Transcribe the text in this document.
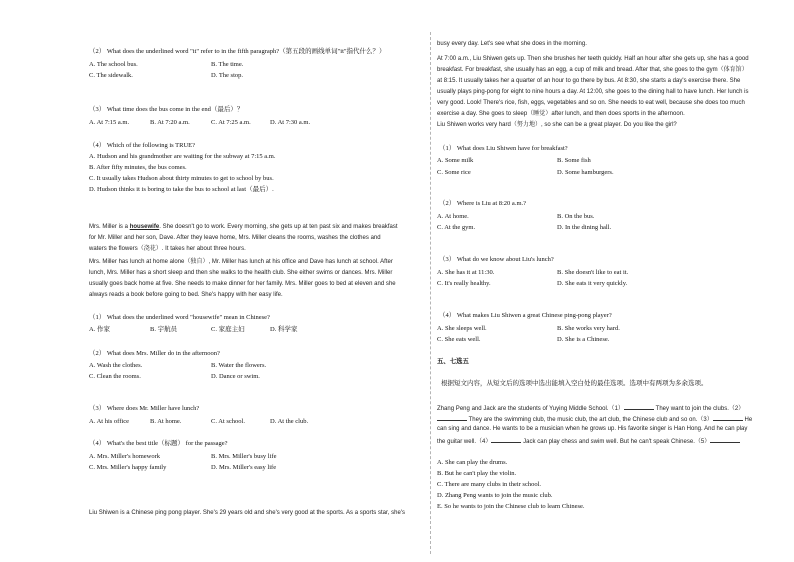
（2） What does the underlined word "it" refer to in the fifth paragraph?（第五段的画线单词"it"指代什么？）
A. The school bus.	B. The time.
C. The sidewalk.	D. The stop.
（3） What time does the bus come in the end（最后）？
A. At 7:15 a.m.	B. At 7:20 a.m.	C. At 7:25 a.m.	D. At 7:30 a.m.
（4） Which of the following is TRUE?
A. Hudson and his grandmother are waiting for the subway at 7:15 a.m.
B. After fifty minutes, the bus comes.
C. It usually takes Hudson about thirty minutes to get to school by bus.
D. Hudson thinks it is boring to take the bus to school at last（最后）.
Mrs. Miller is a housewife. She doesn't go to work. Every morning, she gets up at ten past six and makes breakfast
for Mr. Miller and her son, Dave. After they leave home, Mrs. Miller cleans the rooms, washes the clothes and
waters the flowers（浇花）. It takes her about three hours.
Mrs. Miller has lunch at home alone（独自）, Mr. Miller has lunch at his office and Dave has lunch at school. After
lunch, Mrs. Miller has a short sleep and then she walks to the health club. She either swims or dances. Mrs. Miller
usually goes back home at five. She needs to make dinner for her family. Mrs. Miller goes to bed at eleven and she
always reads a book before going to bed. She's happy with her easy life.
（1） What does the underlined word "housewife" mean in Chinese?
A. 作家	B. 宇航员	C. 家庭主妇	D. 科学家
（2） What does Mrs. Miller do in the afternoon?
A. Wash the clothes.	B. Water the flowers.
C. Clean the rooms.	D. Dance or swim.
（3） Where does Mr. Miller have lunch?
A. At his office	B. At home.	C. At school.	D. At the club.
（4） What's the best title（标题） for the passage?
A. Mrs. Miller's homework	B. Mrs. Miller's busy life
C. Mrs. Miller's happy family	D. Mrs. Miller's easy life
Liu Shiwen is a Chinese ping pong player. She's 29 years old and she's very good at the sports. As a sports star, she's
busy every day. Let's see what she does in the morning.
At 7:00 a.m., Liu Shiwen gets up. Then she brushes her teeth quickly. Half an hour after she gets up, she has a good
breakfast. For breakfast, she usually has an egg, a cup of milk and bread. After that, she goes to the gym（体育馆）
at 8:15. It usually takes her a quarter of an hour to go there by bus. At 8:30, she starts a day's exercise there. She
usually plays ping-pong for eight to nine hours a day. At 12:00, she goes to the dining hall to have lunch. Her lunch is
very good. Look! There's rice, fish, eggs, vegetables and so on. She needs to eat well, because she does too much
exercise a day. She goes to sleep（睡觉）after lunch, and then does sports in the afternoon.
Liu Shiwen works very hard（努力地）, so she can be a great player. Do you like the girl?
（1） What does Liu Shiwen have for breakfast?
A. Some milk	B. Some fish
C. Some rice	D. Some hamburgers.
（2） Where is Liu at 8:20 a.m.?
A. At home.	B. On the bus.
C. At the gym.	D. In the dining hall.
（3） What do we know about Liu's lunch?
A. She has it at 11:30.	B. She doesn't like to eat it.
C. It's really healthy.	D. She eats it very quickly.
（4） What makes Liu Shiwen a great Chinese ping-pong player?
A. She sleeps well.	B. She works very hard.
C. She eats well.	D. She is a Chinese.
五、七选五
根据短文内容，从短文后的选项中选出能填入空白处的最佳选项。选项中有两项为多余选项。
Zhang Peng and Jack are the students of Yuying Middle School.（1）	They want to join the clubs.（2）
They are the swimming club, the music club, the art club, the Chinese club and so on.（3）	He
can sing and dance. He wants to be a musician when he grows up. His favorite singer is Han Hong. And he can play
the guitar well.（4）	Jack can play chess and swim well. But he can't speak Chinese.（5）
A. She can play the drums.
B. But he can't play the violin.
C. There are many clubs in their school.
D. Zhang Peng wants to join the music club.
E. So he wants to join the Chinese club to learn Chinese.
